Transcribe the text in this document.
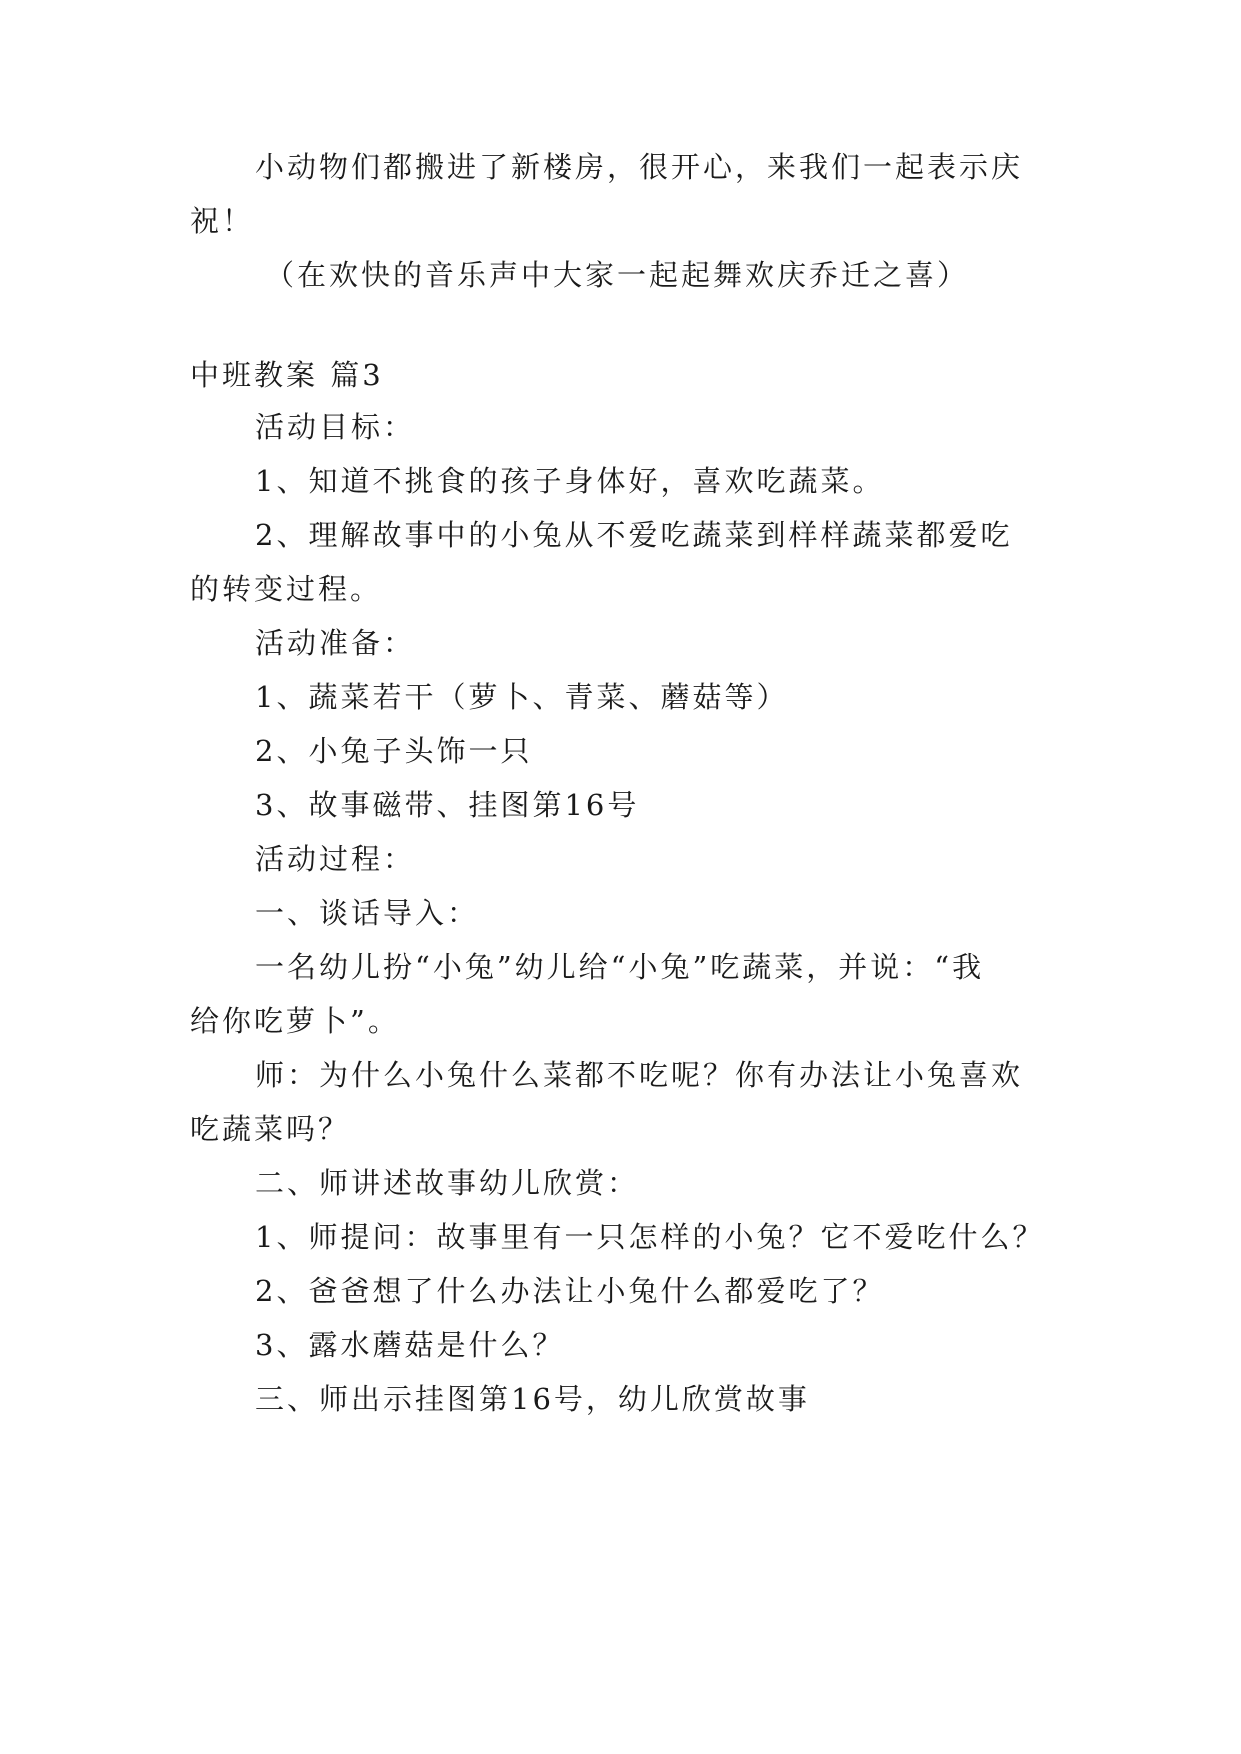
小动物们都搬进了新楼房，很开心，来我们一起表示庆
祝！
（在欢快的音乐声中大家一起起舞欢庆乔迁之喜）
中班教案 篇3
活动目标：
1、知道不挑食的孩子身体好，喜欢吃蔬菜。
2、理解故事中的小兔从不爱吃蔬菜到样样蔬菜都爱吃
的转变过程。
活动准备：
1、蔬菜若干（萝卜、青菜、蘑菇等）
2、小兔子头饰一只
3、故事磁带、挂图第16号
活动过程：
一、谈话导入：
一名幼儿扮“小兔”幼儿给“小兔”吃蔬菜，并说：“我
给你吃萝卜”。
师：为什么小兔什么菜都不吃呢？你有办法让小兔喜欢
吃蔬菜吗？
二、师讲述故事幼儿欣赏：
1、师提问：故事里有一只怎样的小兔？它不爱吃什么？
2、爸爸想了什么办法让小兔什么都爱吃了？
3、露水蘑菇是什么？
三、师出示挂图第16号，幼儿欣赏故事
